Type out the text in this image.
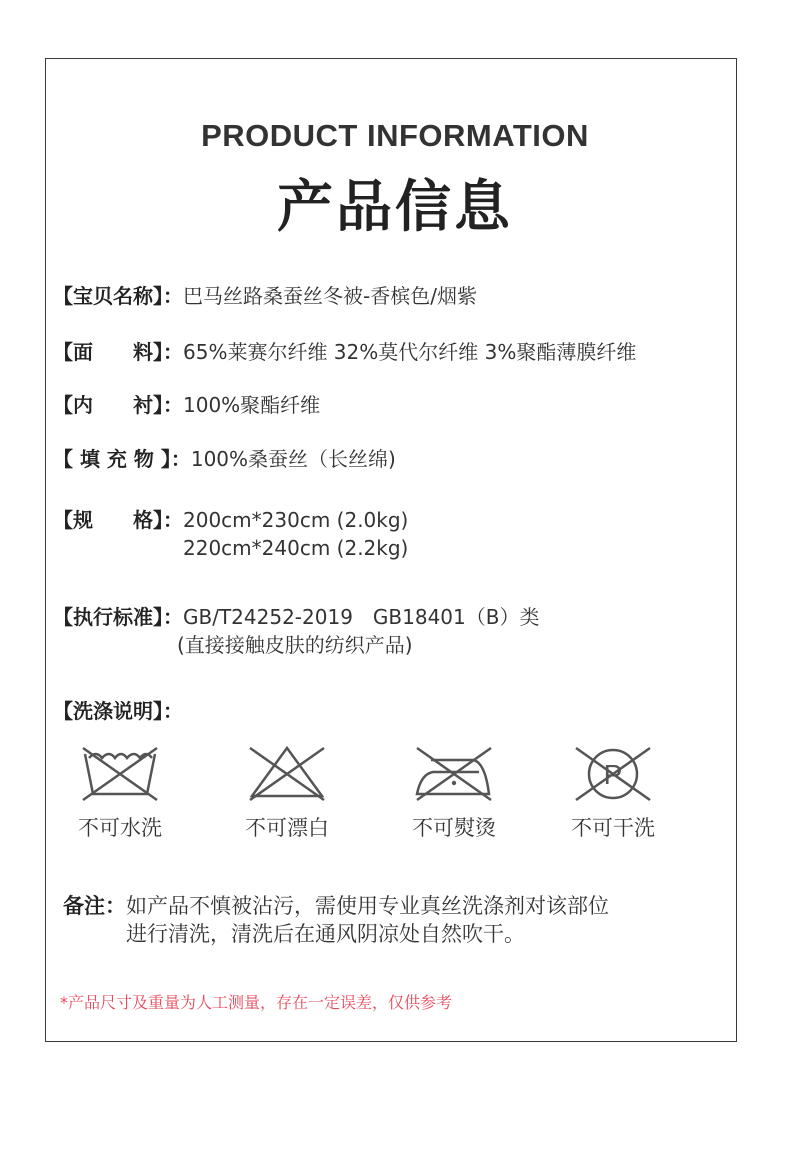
PRODUCT INFORMATION
产品信息
【宝贝名称】： 巴马丝路桑蚕丝冬被-香槟色/烟紫
【面　　料】： 65%莱赛尔纤维 32%莫代尔纤维 3%聚酯薄膜纤维
【内　　衬】： 100%聚酯纤维
【 填 充 物 】： 100%桑蚕丝（长丝绵)
【规　　格】： 200cm*230cm (2.0kg)
220cm*240cm (2.2kg)
【执行标准】： GB/T24252-2019　GB18401（B）类
(直接接触皮肤的纺织产品)
【洗涤说明】：
不可水洗	不可漂白	不可熨烫
P
不可干洗
备注： 如产品不慎被沾污，需使用专业真丝洗涤剂对该部位
进行清洗，清洗后在通风阴凉处自然吹干。
*产品尺寸及重量为人工测量，存在一定误差，仅供参考
